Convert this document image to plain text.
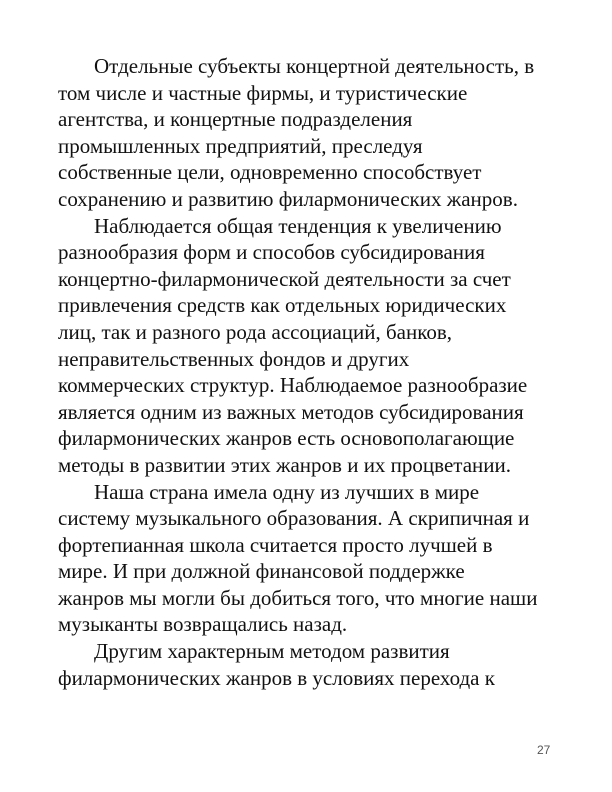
Отдельные субъекты концертной деятельность, в
том числе и частные фирмы, и туристические
агентства, и концертные подразделения
промышленных предприятий, преследуя
собственные цели, одновременно способствует
сохранению и развитию филармонических жанров.
Наблюдается общая тенденция к увеличению
разнообразия форм и способов субсидирования
концертно-филармонической деятельности за счет
привлечения средств как отдельных юридических
лиц, так и разного рода ассоциаций, банков,
неправительственных фондов и других
коммерческих структур. Наблюдаемое разнообразие
является одним из важных методов субсидирования
филармонических жанров есть основополагающие
методы в развитии этих жанров и их процветании.
Наша страна имела одну из лучших в мире
систему музыкального образования. А скрипичная и
фортепианная школа считается просто лучшей в
мире. И при должной финансовой поддержке
жанров мы могли бы добиться того, что многие наши
музыканты возвращались назад.
Другим характерным методом развития
филармонических жанров в условиях перехода к
27
